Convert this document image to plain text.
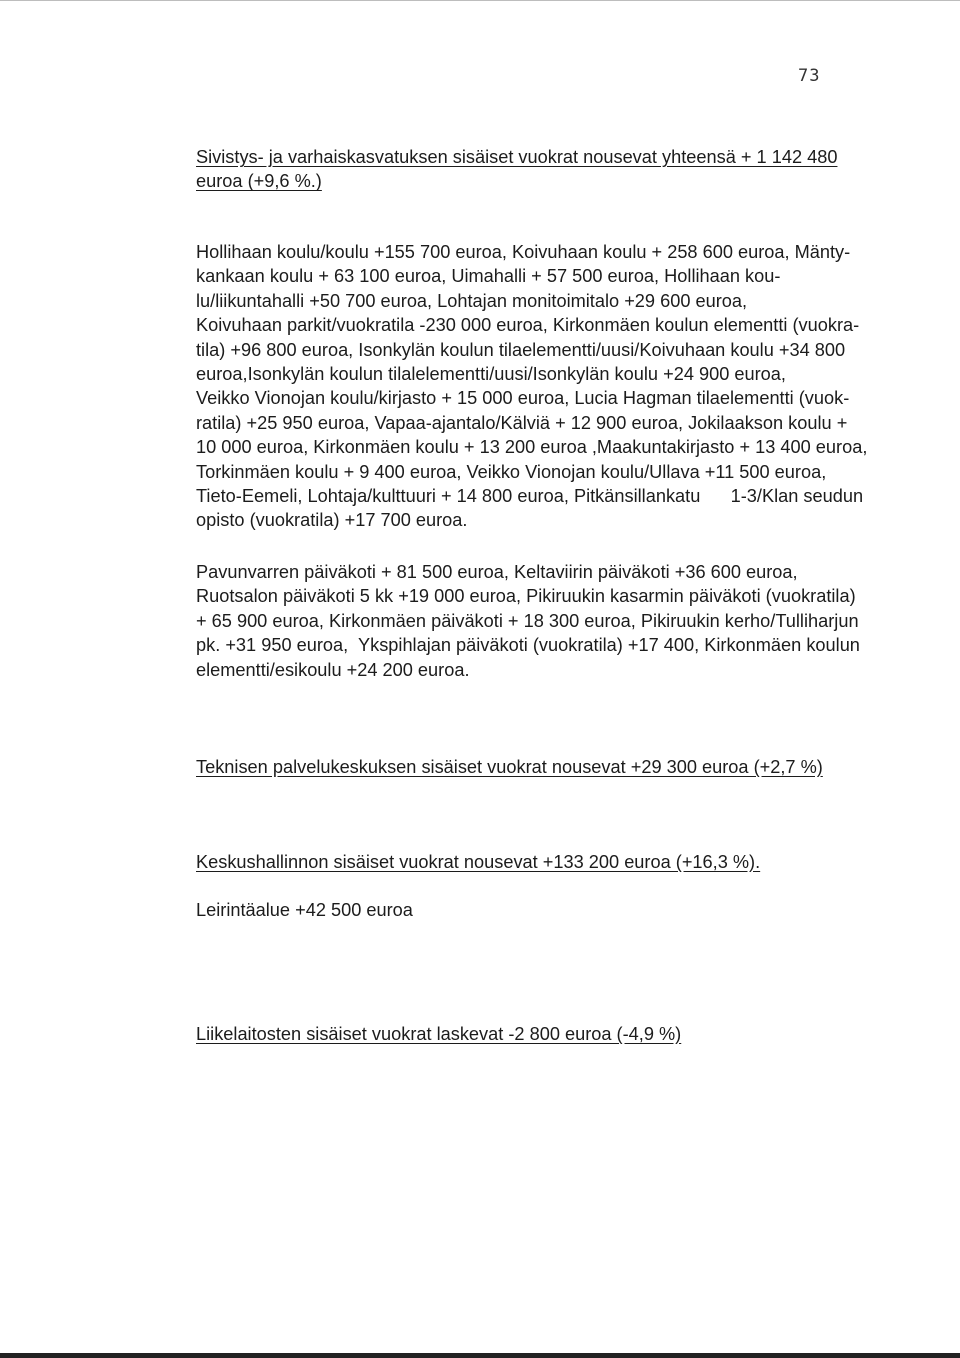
73
Sivistys- ja varhaiskasvatuksen sisäiset vuokrat nousevat yhteensä + 1 142 480
euroa (+9,6 %.)
Hollihaan koulu/koulu +155 700 euroa, Koivuhaan koulu + 258 600 euroa, Mänty-
kankaan koulu + 63 100 euroa, Uimahalli + 57 500 euroa, Hollihaan kou-
lu/liikuntahalli +50 700 euroa, Lohtajan monitoimitalo +29 600 euroa,
Koivuhaan parkit/vuokratila -230 000 euroa, Kirkonmäen koulun elementti (vuokra-
tila) +96 800 euroa, Isonkylän koulun tilaelementti/uusi/Koivuhaan koulu +34 800
euroa,Isonkylän koulun tilalelementti/uusi/Isonkylän koulu +24 900 euroa,
Veikko Vionojan koulu/kirjasto + 15 000 euroa, Lucia Hagman tilaelementti (vuok-
ratila) +25 950 euroa, Vapaa-ajantalo/Kälviä + 12 900 euroa, Jokilaakson koulu +
10 000 euroa, Kirkonmäen koulu + 13 200 euroa ,Maakuntakirjasto + 13 400 euroa,
Torkinmäen koulu + 9 400 euroa, Veikko Vionojan koulu/Ullava +11 500 euroa,
Tieto-Eemeli, Lohtaja/kulttuuri + 14 800 euroa, Pitkänsillankatu      1-3/Klan seudun
opisto (vuokratila) +17 700 euroa.
Pavunvarren päiväkoti + 81 500 euroa, Keltaviirin päiväkoti +36 600 euroa,
Ruotsalon päiväkoti 5 kk +19 000 euroa, Pikiruukin kasarmin päiväkoti (vuokratila)
+ 65 900 euroa, Kirkonmäen päiväkoti + 18 300 euroa, Pikiruukin kerho/Tulliharjun
pk. +31 950 euroa,  Ykspihlajan päiväkoti (vuokratila) +17 400, Kirkonmäen koulun
elementti/esikoulu +24 200 euroa.
Teknisen palvelukeskuksen sisäiset vuokrat nousevat +29 300 euroa (+2,7 %)
Keskushallinnon sisäiset vuokrat nousevat +133 200 euroa (+16,3 %).
Leirintäalue +42 500 euroa
Liikelaitosten sisäiset vuokrat laskevat -2 800 euroa (-4,9 %)
